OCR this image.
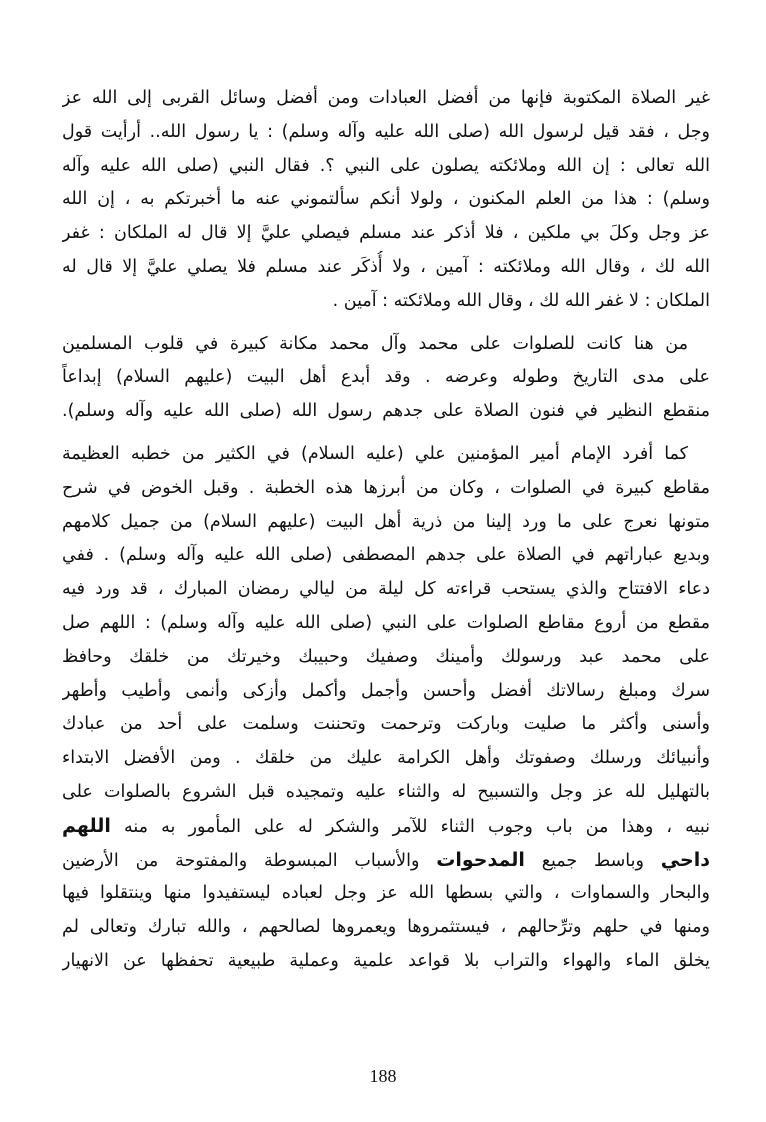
غير الصلاة المكتوبة فإنها من أفضل العبادات ومن أفضل وسائل القربى إلى الله عز
وجل ، فقد قيل لرسول الله (صلى الله عليه وآله وسلم) : يا رسول الله.. أرأيت قول
الله تعالى : إن الله وملائكته يصلون على النبي ؟. فقال النبي (صلى الله عليه وآله
وسلم) : هذا من العلم المكنون ، ولولا أنكم سألتموني عنه ما أخبرتكم به ، إن الله
عز وجل وكلَ بي ملكين ، فلا أذكر عند مسلم فيصلي عليَّ إلا قال له الملكان : غفر
الله لك ، وقال الله وملائكته : آمين ، ولا أُذكَر عند مسلم فلا يصلي عليَّ إلا قال له
الملكان : لا غفر الله لك ، وقال الله وملائكته : آمين .
من هنا كانت للصلوات على محمد وآل محمد مكانة كبيرة في قلوب المسلمين
على مدى التاريخ وطوله وعرضه . وقد أبدع أهل البيت (عليهم السلام) إبداعاً
منقطع النظير في فنون الصلاة على جدهم رسول الله (صلى الله عليه وآله وسلم).
كما أفرد الإمام أمير المؤمنين علي (عليه السلام) في الكثير من خطبه العظيمة
مقاطع كبيرة في الصلوات ، وكان من أبرزها هذه الخطبة . وقبل الخوض في شرح
متونها نعرج على ما ورد إلينا من ذرية أهل البيت (عليهم السلام) من جميل كلامهم
وبديع عباراتهم في الصلاة على جدهم المصطفى (صلى الله عليه وآله وسلم) . ففي
دعاء الافتتاح والذي يستحب قراءته كل ليلة من ليالي رمضان المبارك ، قد ورد فيه
مقطع من أروع مقاطع الصلوات على النبي (صلى الله عليه وآله وسلم) : اللهم صل
على محمد عبد ورسولك وأمينك وصفيك وحبيبك وخيرتك من خلقك وحافظ
سرك ومبلغ رسالاتك أفضل وأحسن وأجمل وأكمل وأزكى وأنمى وأطيب وأطهر
وأسنى وأكثر ما صليت وباركت وترحمت وتحننت وسلمت على أحد من عبادك
وأنبيائك ورسلك وصفوتك وأهل الكرامة عليك من خلقك . ومن الأفضل الابتداء
بالتهليل لله عز وجل والتسبيح له والثناء عليه وتمجيده قبل الشروع بالصلوات على
نبيه ، وهذا من باب وجوب الثناء للآمر والشكر له على المأمور به منه اللهم
داحي وباسط جميع المدحوات والأسباب المبسوطة والمفتوحة من الأرضين
والبحار والسماوات ، والتي بسطها الله عز وجل لعباده ليستفيدوا منها وينتقلوا فيها
ومنها في حلهم وترِّحالهم ، فيستثمروها ويعمروها لصالحهم ، والله تبارك وتعالى لم
يخلق الماء والهواء والتراب بلا قواعد علمية وعملية طبيعية تحفظها عن الانهيار
188
